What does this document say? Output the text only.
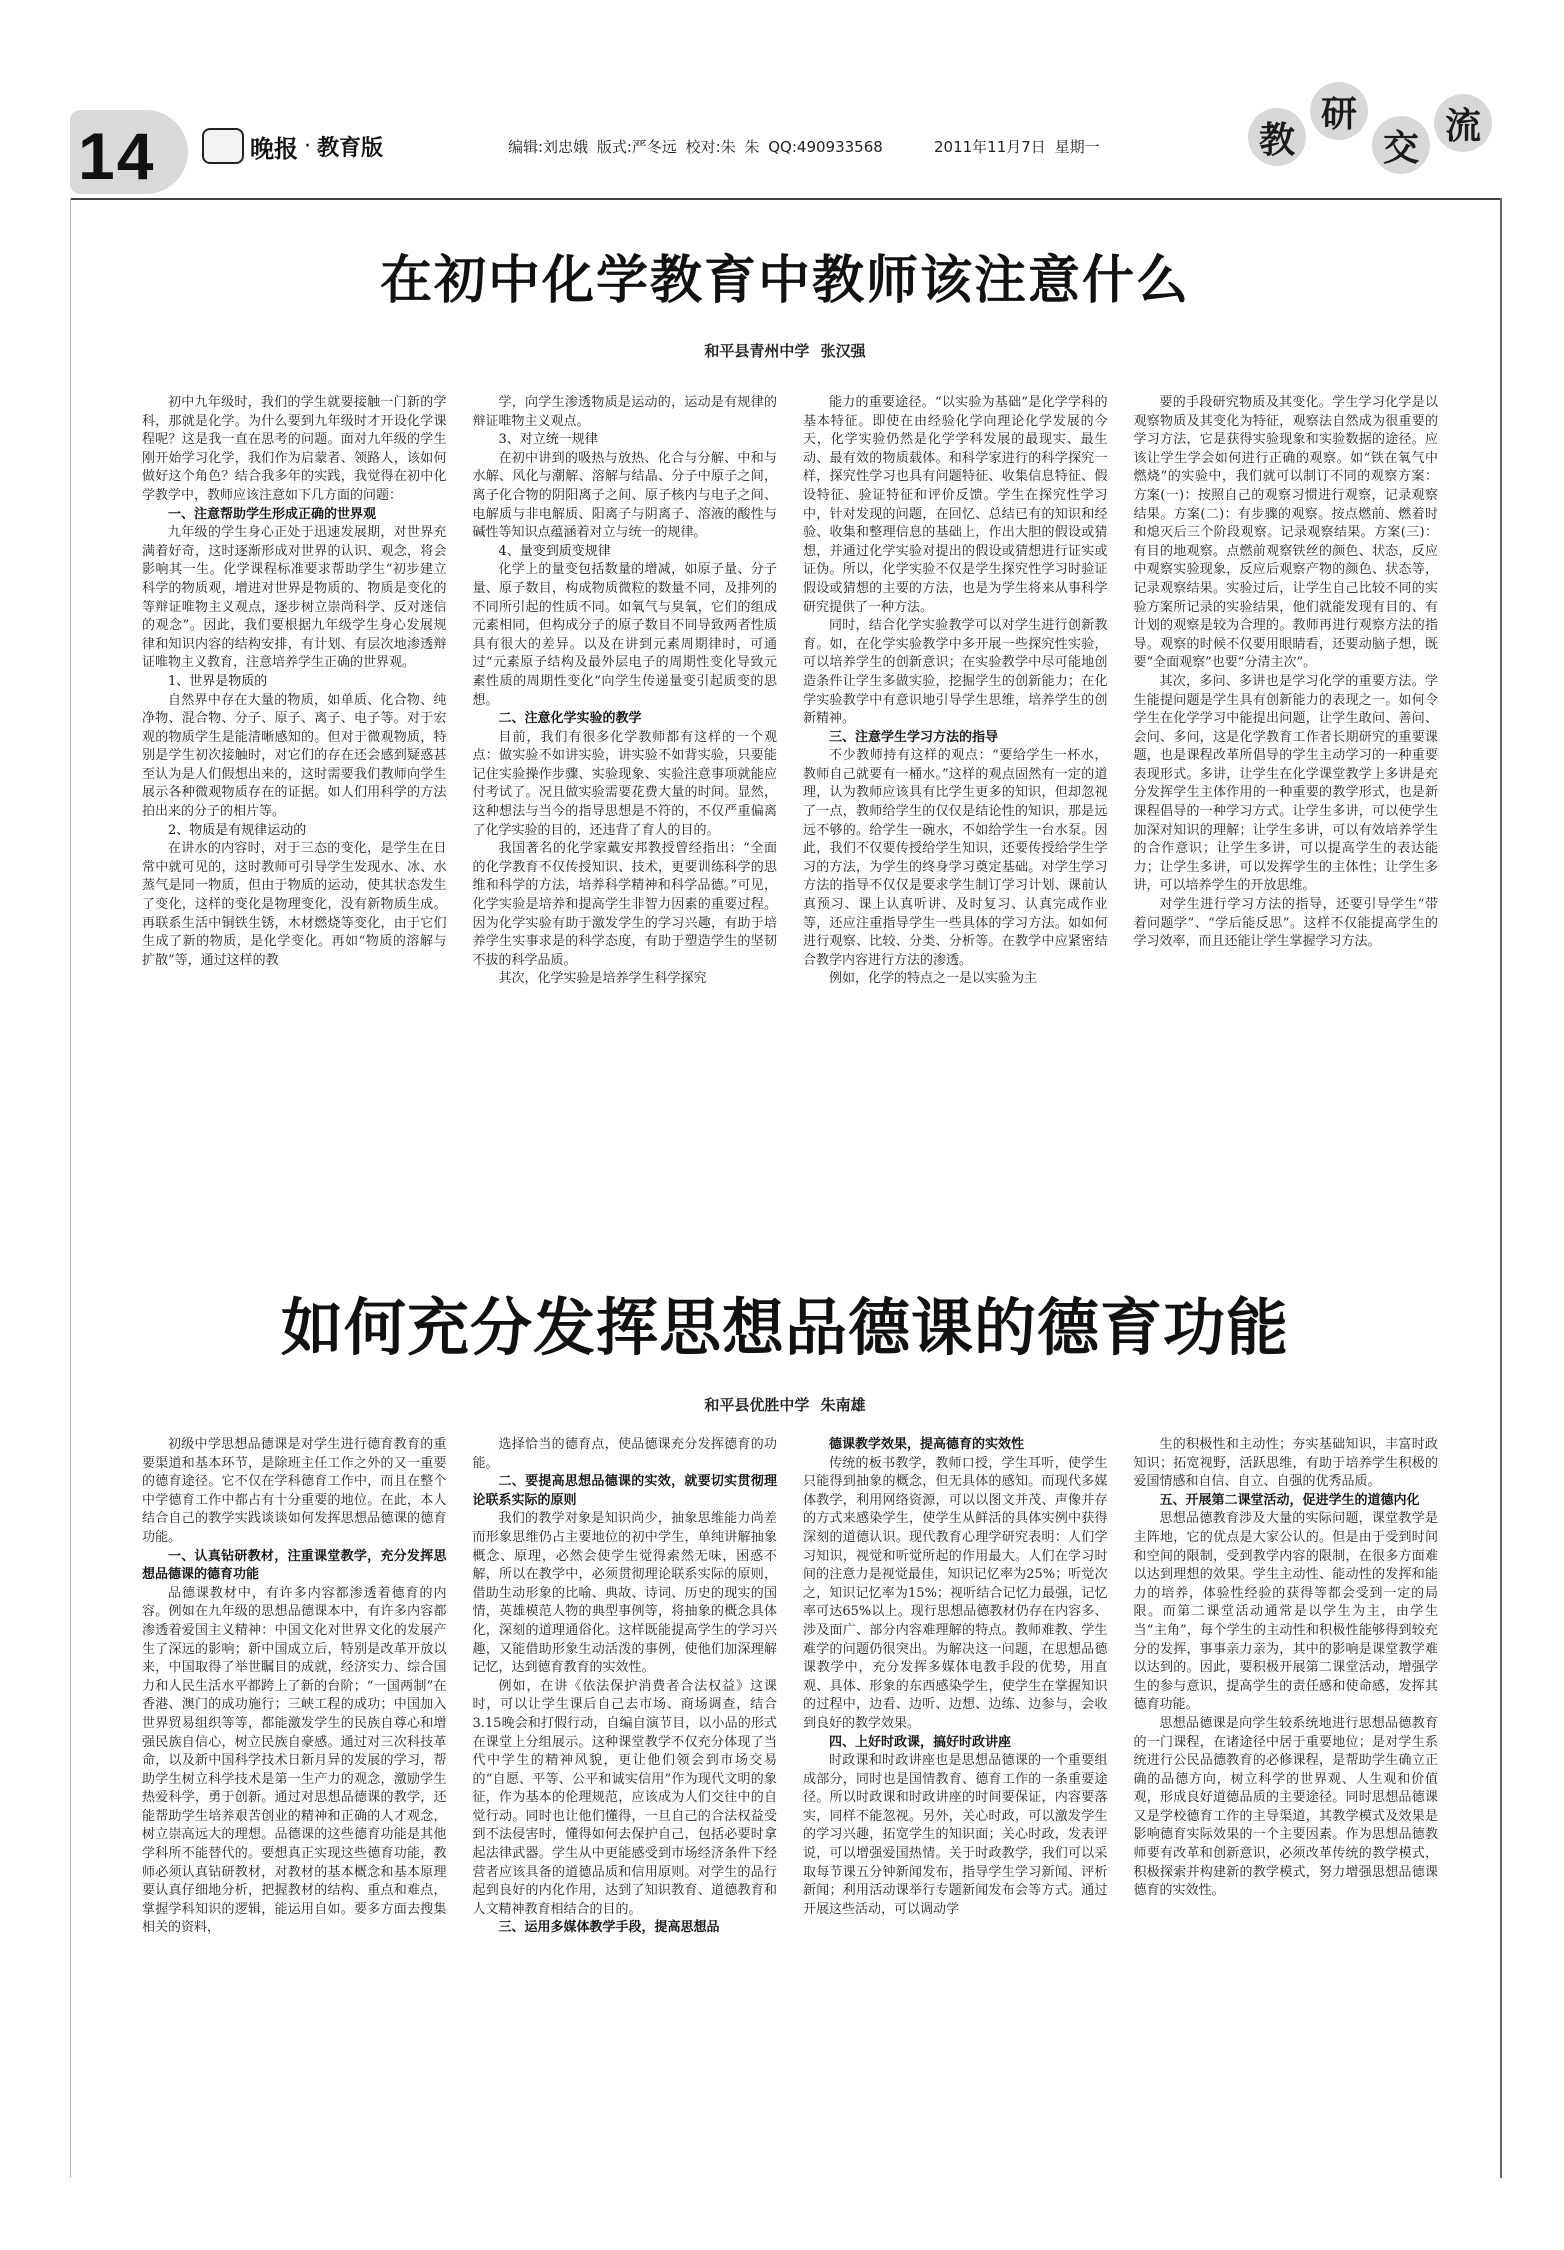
14	晚报 · 教育版	编辑:刘忠娥 版式:严冬远 校对:朱 朱 QQ:490933568	2011年11月7日 星期一	教
研
交
流
在初中化学教育中教师该注意什么
和平县青州中学 张汉强

初中九年级时，我们的学生就要接触一门新的学科，那就是化学。为什么要到九年级时才开设化学课程呢？这是我一直在思考的问题。面对九年级的学生刚开始学习化学，我们作为启蒙者、领路人，该如何做好这个角色？结合我多年的实践，我觉得在初中化学教学中，教师应该注意如下几方面的问题：

一、注意帮助学生形成正确的世界观

九年级的学生身心正处于迅速发展期，对世界充满着好奇，这时逐渐形成对世界的认识、观念，将会影响其一生。化学课程标准要求帮助学生“初步建立科学的物质观，增进对世界是物质的、物质是变化的等辩证唯物主义观点，逐步树立崇尚科学、反对迷信的观念”。因此，我们要根据九年级学生身心发展规律和知识内容的结构安排，有计划、有层次地渗透辩证唯物主义教育，注意培养学生正确的世界观。

1、世界是物质的

自然界中存在大量的物质，如单质、化合物、纯净物、混合物、分子、原子、离子、电子等。对于宏观的物质学生是能清晰感知的。但对于微观物质，特别是学生初次接触时，对它们的存在还会感到疑惑甚至认为是人们假想出来的，这时需要我们教师向学生展示各种微观物质存在的证据。如人们用科学的方法拍出来的分子的相片等。

2、物质是有规律运动的

在讲水的内容时，对于三态的变化，是学生在日常中就可见的，这时教师可引导学生发现水、冰、水蒸气是同一物质，但由于物质的运动，使其状态发生了变化，这样的变化是物理变化，没有新物质生成。再联系生活中铜铁生锈，木材燃烧等变化，由于它们生成了新的物质，是化学变化。再如“物质的溶解与扩散”等，通过这样的教

学，向学生渗透物质是运动的，运动是有规律的辩证唯物主义观点。

3、对立统一规律

在初中讲到的吸热与放热、化合与分解、中和与水解、风化与潮解、溶解与结晶、分子中原子之间，离子化合物的阴阳离子之间、原子核内与电子之间、电解质与非电解质、阳离子与阴离子、溶液的酸性与碱性等知识点蕴涵着对立与统一的规律。

4、量变到质变规律

化学上的量变包括数量的增减，如原子量、分子量、原子数目，构成物质微粒的数量不同，及排列的不同所引起的性质不同。如氧气与臭氧，它们的组成元素相同，但构成分子的原子数目不同导致两者性质具有很大的差异。以及在讲到元素周期律时，可通过“元素原子结构及最外层电子的周期性变化导致元素性质的周期性变化”向学生传递量变引起质变的思想。

二、注意化学实验的教学

目前，我们有很多化学教师都有这样的一个观点：做实验不如讲实验，讲实验不如背实验，只要能记住实验操作步骤、实验现象、实验注意事项就能应付考试了。况且做实验需要花费大量的时间。显然，这种想法与当今的指导思想是不符的，不仅严重偏离了化学实验的目的，还违背了育人的目的。

我国著名的化学家戴安邦教授曾经指出：“全面的化学教育不仅传授知识、技术，更要训练科学的思维和科学的方法，培养科学精神和科学品德。”可见，化学实验是培养和提高学生非智力因素的重要过程。因为化学实验有助于激发学生的学习兴趣，有助于培养学生实事求是的科学态度，有助于塑造学生的坚韧不拔的科学品质。

其次，化学实验是培养学生科学探究

能力的重要途径。“以实验为基础”是化学学科的基本特征。即使在由经验化学向理论化学发展的今天，化学实验仍然是化学学科发展的最现实、最生动、最有效的物质载体。和科学家进行的科学探究一样，探究性学习也具有问题特征、收集信息特征、假设特征、验证特征和评价反馈。学生在探究性学习中，针对发现的问题，在回忆、总结已有的知识和经验、收集和整理信息的基础上，作出大胆的假设或猜想，并通过化学实验对提出的假设或猜想进行证实或证伪。所以，化学实验不仅是学生探究性学习时验证假设或猜想的主要的方法，也是为学生将来从事科学研究提供了一种方法。

同时，结合化学实验教学可以对学生进行创新教育。如，在化学实验教学中多开展一些探究性实验，可以培养学生的创新意识；在实验教学中尽可能地创造条件让学生多做实验，挖掘学生的创新能力；在化学实验教学中有意识地引导学生思维，培养学生的创新精神。

三、注意学生学习方法的指导

不少教师持有这样的观点：“要给学生一杯水，教师自己就要有一桶水。”这样的观点固然有一定的道理，认为教师应该具有比学生更多的知识，但却忽视了一点，教师给学生的仅仅是结论性的知识，那是远远不够的。给学生一碗水，不如给学生一台水泵。因此，我们不仅要传授给学生知识，还要传授给学生学习的方法，为学生的终身学习奠定基础。对学生学习方法的指导不仅仅是要求学生制订学习计划、课前认真预习、课上认真听讲、及时复习、认真完成作业等，还应注重指导学生一些具体的学习方法。如如何进行观察、比较、分类、分析等。在教学中应紧密结合教学内容进行方法的渗透。

例如，化学的特点之一是以实验为主

要的手段研究物质及其变化。学生学习化学是以观察物质及其变化为特征，观察法自然成为很重要的学习方法，它是获得实验现象和实验数据的途径。应该让学生学会如何进行正确的观察。如“铁在氧气中燃烧”的实验中，我们就可以制订不同的观察方案：方案(一)：按照自己的观察习惯进行观察，记录观察结果。方案(二)：有步骤的观察。按点燃前、燃着时和熄灭后三个阶段观察。记录观察结果。方案(三)：有目的地观察。点燃前观察铁丝的颜色、状态，反应中观察实验现象，反应后观察产物的颜色、状态等，记录观察结果。实验过后，让学生自己比较不同的实验方案所记录的实验结果，他们就能发现有目的、有计划的观察是较为合理的。教师再进行观察方法的指导。观察的时候不仅要用眼睛看，还要动脑子想，既要“全面观察”也要“分清主次”。

其次，多问、多讲也是学习化学的重要方法。学生能提问题是学生具有创新能力的表现之一。如何令学生在化学学习中能提出问题，让学生敢问、善问、会问、多问，这是化学教育工作者长期研究的重要课题，也是课程改革所倡导的学生主动学习的一种重要表现形式。多讲，让学生在化学课堂教学上多讲是充分发挥学生主体作用的一种重要的教学形式，也是新课程倡导的一种学习方式。让学生多讲，可以使学生加深对知识的理解；让学生多讲，可以有效培养学生的合作意识；让学生多讲，可以提高学生的表达能力；让学生多讲，可以发挥学生的主体性；让学生多讲，可以培养学生的开放思维。

对学生进行学习方法的指导，还要引导学生“带着问题学”、“学后能反思”。这样不仅能提高学生的学习效率，而且还能让学生掌握学习方法。

如何充分发挥思想品德课的德育功能
和平县优胜中学 朱南雄

初级中学思想品德课是对学生进行德育教育的重要渠道和基本环节，是除班主任工作之外的又一重要的德育途径。它不仅在学科德育工作中，而且在整个中学德育工作中都占有十分重要的地位。在此，本人结合自己的教学实践谈谈如何发挥思想品德课的德育功能。

一、认真钻研教材，注重课堂教学，充分发挥思想品德课的德育功能

品德课教材中，有许多内容都渗透着德育的内容。例如在九年级的思想品德课本中，有许多内容都渗透着爱国主义精神：中国文化对世界文化的发展产生了深远的影响；新中国成立后，特别是改革开放以来，中国取得了举世瞩目的成就，经济实力、综合国力和人民生活水平都跨上了新的台阶；“一国两制”在香港、澳门的成功施行；三峡工程的成功；中国加入世界贸易组织等等，都能激发学生的民族自尊心和增强民族自信心，树立民族自豪感。通过对三次科技革命，以及新中国科学技术日新月异的发展的学习，帮助学生树立科学技术是第一生产力的观念，激励学生热爱科学，勇于创新。通过对思想品德课的教学，还能帮助学生培养艰苦创业的精神和正确的人才观念，树立崇高远大的理想。品德课的这些德育功能是其他学科所不能替代的。要想真正实现这些德育功能，教师必须认真钻研教材，对教材的基本概念和基本原理要认真仔细地分析，把握教材的结构、重点和难点，掌握学科知识的逻辑，能运用自如。要多方面去搜集相关的资料，

选择恰当的德育点，使品德课充分发挥德育的功能。

二、要提高思想品德课的实效，就要切实贯彻理论联系实际的原则

我们的教学对象是知识尚少，抽象思维能力尚差而形象思维仍占主要地位的初中学生，单纯讲解抽象概念、原理，必然会使学生觉得索然无味，困惑不解，所以在教学中，必须贯彻理论联系实际的原则，借助生动形象的比喻、典故、诗词、历史的现实的国情，英雄模范人物的典型事例等，将抽象的概念具体化，深刻的道理通俗化。这样既能提高学生的学习兴趣，又能借助形象生动活泼的事例，使他们加深理解记忆，达到德育教育的实效性。

例如，在讲《依法保护消费者合法权益》这课时，可以让学生课后自己去市场、商场调查，结合3.15晚会和打假行动，自编自演节目，以小品的形式在课堂上分组展示。这种课堂教学不仅充分体现了当代中学生的精神风貌，更让他们领会到市场交易的“自愿、平等、公平和诚实信用”作为现代文明的象征，作为基本的伦理规范，应该成为人们交往中的自觉行动。同时也让他们懂得，一旦自己的合法权益受到不法侵害时，懂得如何去保护自己，包括必要时拿起法律武器。学生从中更能感受到市场经济条件下经营者应该具备的道德品质和信用原则。对学生的品行起到良好的内化作用，达到了知识教育、道德教育和人文精神教育相结合的目的。

三、运用多媒体教学手段，提高思想品
德课教学效果，提高德育的实效性

传统的板书教学，教师口授，学生耳听，使学生只能得到抽象的概念，但无具体的感知。而现代多媒体教学，利用网络资源，可以以图文并茂、声像并存的方式来感染学生，使学生从鲜活的具体实例中获得深刻的道德认识。现代教育心理学研究表明：人们学习知识，视觉和听觉所起的作用最大。人们在学习时间的注意力是视觉最佳，知识记忆率为25%；听觉次之，知识记忆率为15%；视听结合记忆力最强，记忆率可达65%以上。现行思想品德教材仍存在内容多、涉及面广、部分内容难理解的特点。教师难教、学生难学的问题仍很突出。为解决这一问题，在思想品德课教学中，充分发挥多媒体电教手段的优势，用直观、具体、形象的东西感染学生，使学生在掌握知识的过程中，边看、边听、边想、边练、边参与，会收到良好的教学效果。

四、上好时政课，搞好时政讲座

时政课和时政讲座也是思想品德课的一个重要组成部分，同时也是国情教育、德育工作的一条重要途径。所以时政课和时政讲座的时间要保证，内容要落实，同样不能忽视。另外，关心时政，可以激发学生的学习兴趣，拓宽学生的知识面；关心时政，发表评说，可以增强爱国热情。关于时政教学，我们可以采取每节课五分钟新闻发布，指导学生学习新闻、评析新闻；利用活动课举行专题新闻发布会等方式。通过开展这些活动，可以调动学

生的积极性和主动性；夯实基础知识，丰富时政知识；拓宽视野，活跃思维，有助于培养学生积极的爱国情感和自信、自立、自强的优秀品质。

五、开展第二课堂活动，促进学生的道德内化

思想品德教育涉及大量的实际问题，课堂教学是主阵地，它的优点是大家公认的。但是由于受到时间和空间的限制，受到教学内容的限制，在很多方面难以达到理想的效果。学生主动性、能动性的发挥和能力的培养，体验性经验的获得等都会受到一定的局限。而第二课堂活动通常是以学生为主，由学生当“主角”，每个学生的主动性和积极性能够得到较充分的发挥，事事亲力亲为，其中的影响是课堂教学难以达到的。因此，要积极开展第二课堂活动，增强学生的参与意识，提高学生的责任感和使命感，发挥其德育功能。

思想品德课是向学生较系统地进行思想品德教育的一门课程，在诸途径中居于重要地位；是对学生系统进行公民品德教育的必修课程，是帮助学生确立正确的品德方向，树立科学的世界观、人生观和价值观，形成良好道德品质的主要途径。同时思想品德课又是学校德育工作的主导渠道，其教学模式及效果是影响德育实际效果的一个主要因素。作为思想品德教师要有改革和创新意识，必须改革传统的教学模式，积极探索并构建新的教学模式，努力增强思想品德课德育的实效性。
